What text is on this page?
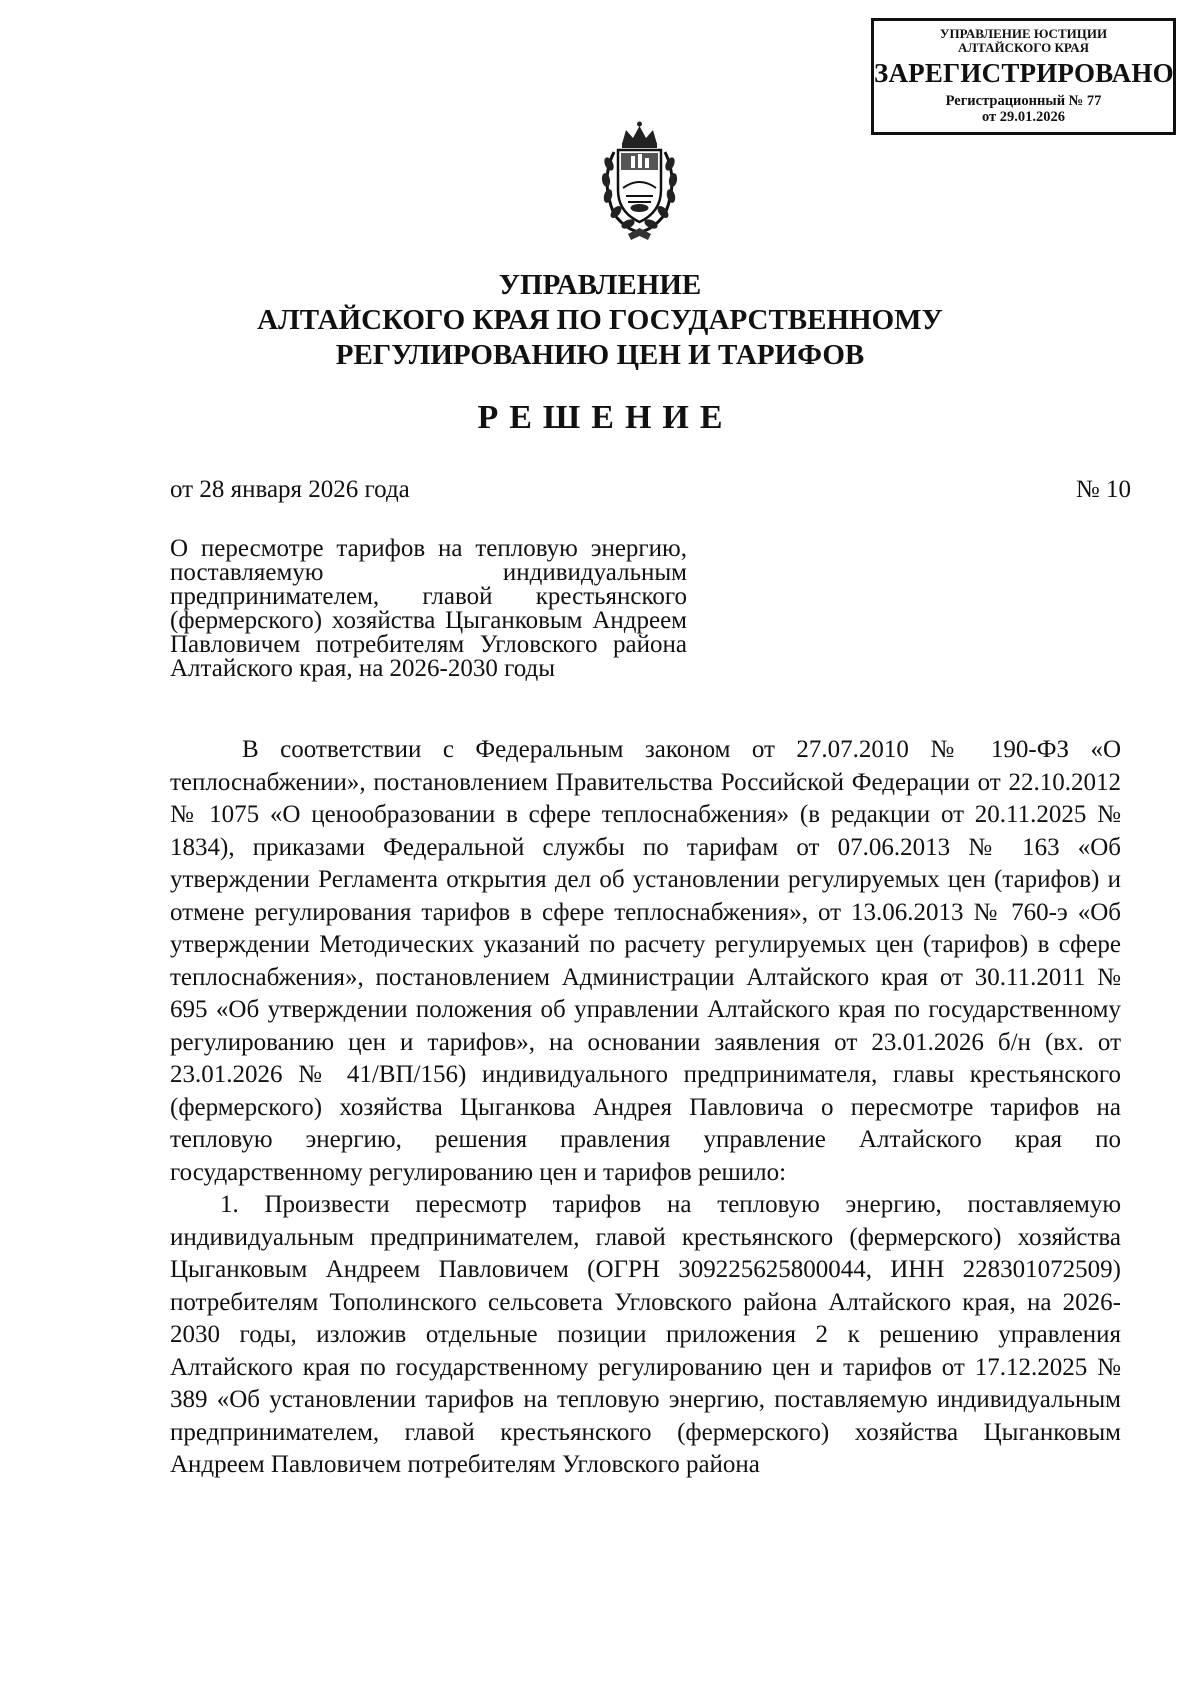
УПРАВЛЕНИЕ ЮСТИЦИИ
АЛТАЙСКОГО КРАЯ
ЗАРЕГИСТРИРОВАНО
Регистрационный № 77
от 29.01.2026
УПРАВЛЕНИЕ
АЛТАЙСКОГО КРАЯ ПО ГОСУДАРСТВЕННОМУ
РЕГУЛИРОВАНИЮ ЦЕН И ТАРИФОВ
РЕШЕНИЕ
от 28 января 2026 года	№ 10
О пересмотре тарифов на тепловую энергию, поставляемую индивидуальным предпринимателем, главой крестьянского (фермерского) хозяйства Цыганковым Андреем Павловичем потребителям Угловского района Алтайского края, на 2026-2030 годы

В соответствии с Федеральным законом от 27.07.2010 № 190-ФЗ «О теплоснабжении», постановлением Правительства Российской Федерации от 22.10.2012 № 1075 «О ценообразовании в сфере теплоснабжения» (в редакции от 20.11.2025 № 1834), приказами Федеральной службы по тарифам от 07.06.2013 № 163 «Об утверждении Регламента открытия дел об установлении регулируемых цен (тарифов) и отмене регулирования тарифов в сфере теплоснабжения», от 13.06.2013 № 760-э «Об утверждении Методических указаний по расчету регулируемых цен (тарифов) в сфере теплоснабжения», постановлением Администрации Алтайского края от 30.11.2011 № 695 «Об утверждении положения об управлении Алтайского края по государственному регулированию цен и тарифов», на основании заявления от 23.01.2026 б/н (вх. от 23.01.2026 № 41/ВП/156) индивидуального предпринимателя, главы крестьянского (фермерского) хозяйства Цыганкова Андрея Павловича о пересмотре тарифов на тепловую энергию, решения правления управление Алтайского края по государственному регулированию цен и тарифов решило:

1. Произвести пересмотр тарифов на тепловую энергию, поставляемую индивидуальным предпринимателем, главой крестьянского (фермерского) хозяйства Цыганковым Андреем Павловичем (ОГРН 309225625800044, ИНН 228301072509) потребителям Тополинского сельсовета Угловского района Алтайского края, на 2026-2030 годы, изложив отдельные позиции приложения 2 к решению управления Алтайского края по государственному регулированию цен и тарифов от 17.12.2025 № 389 «Об установлении тарифов на тепловую энергию, поставляемую индивидуальным предпринимателем, главой крестьянского (фермерского) хозяйства Цыганковым Андреем Павловичем потребителям Угловского района
